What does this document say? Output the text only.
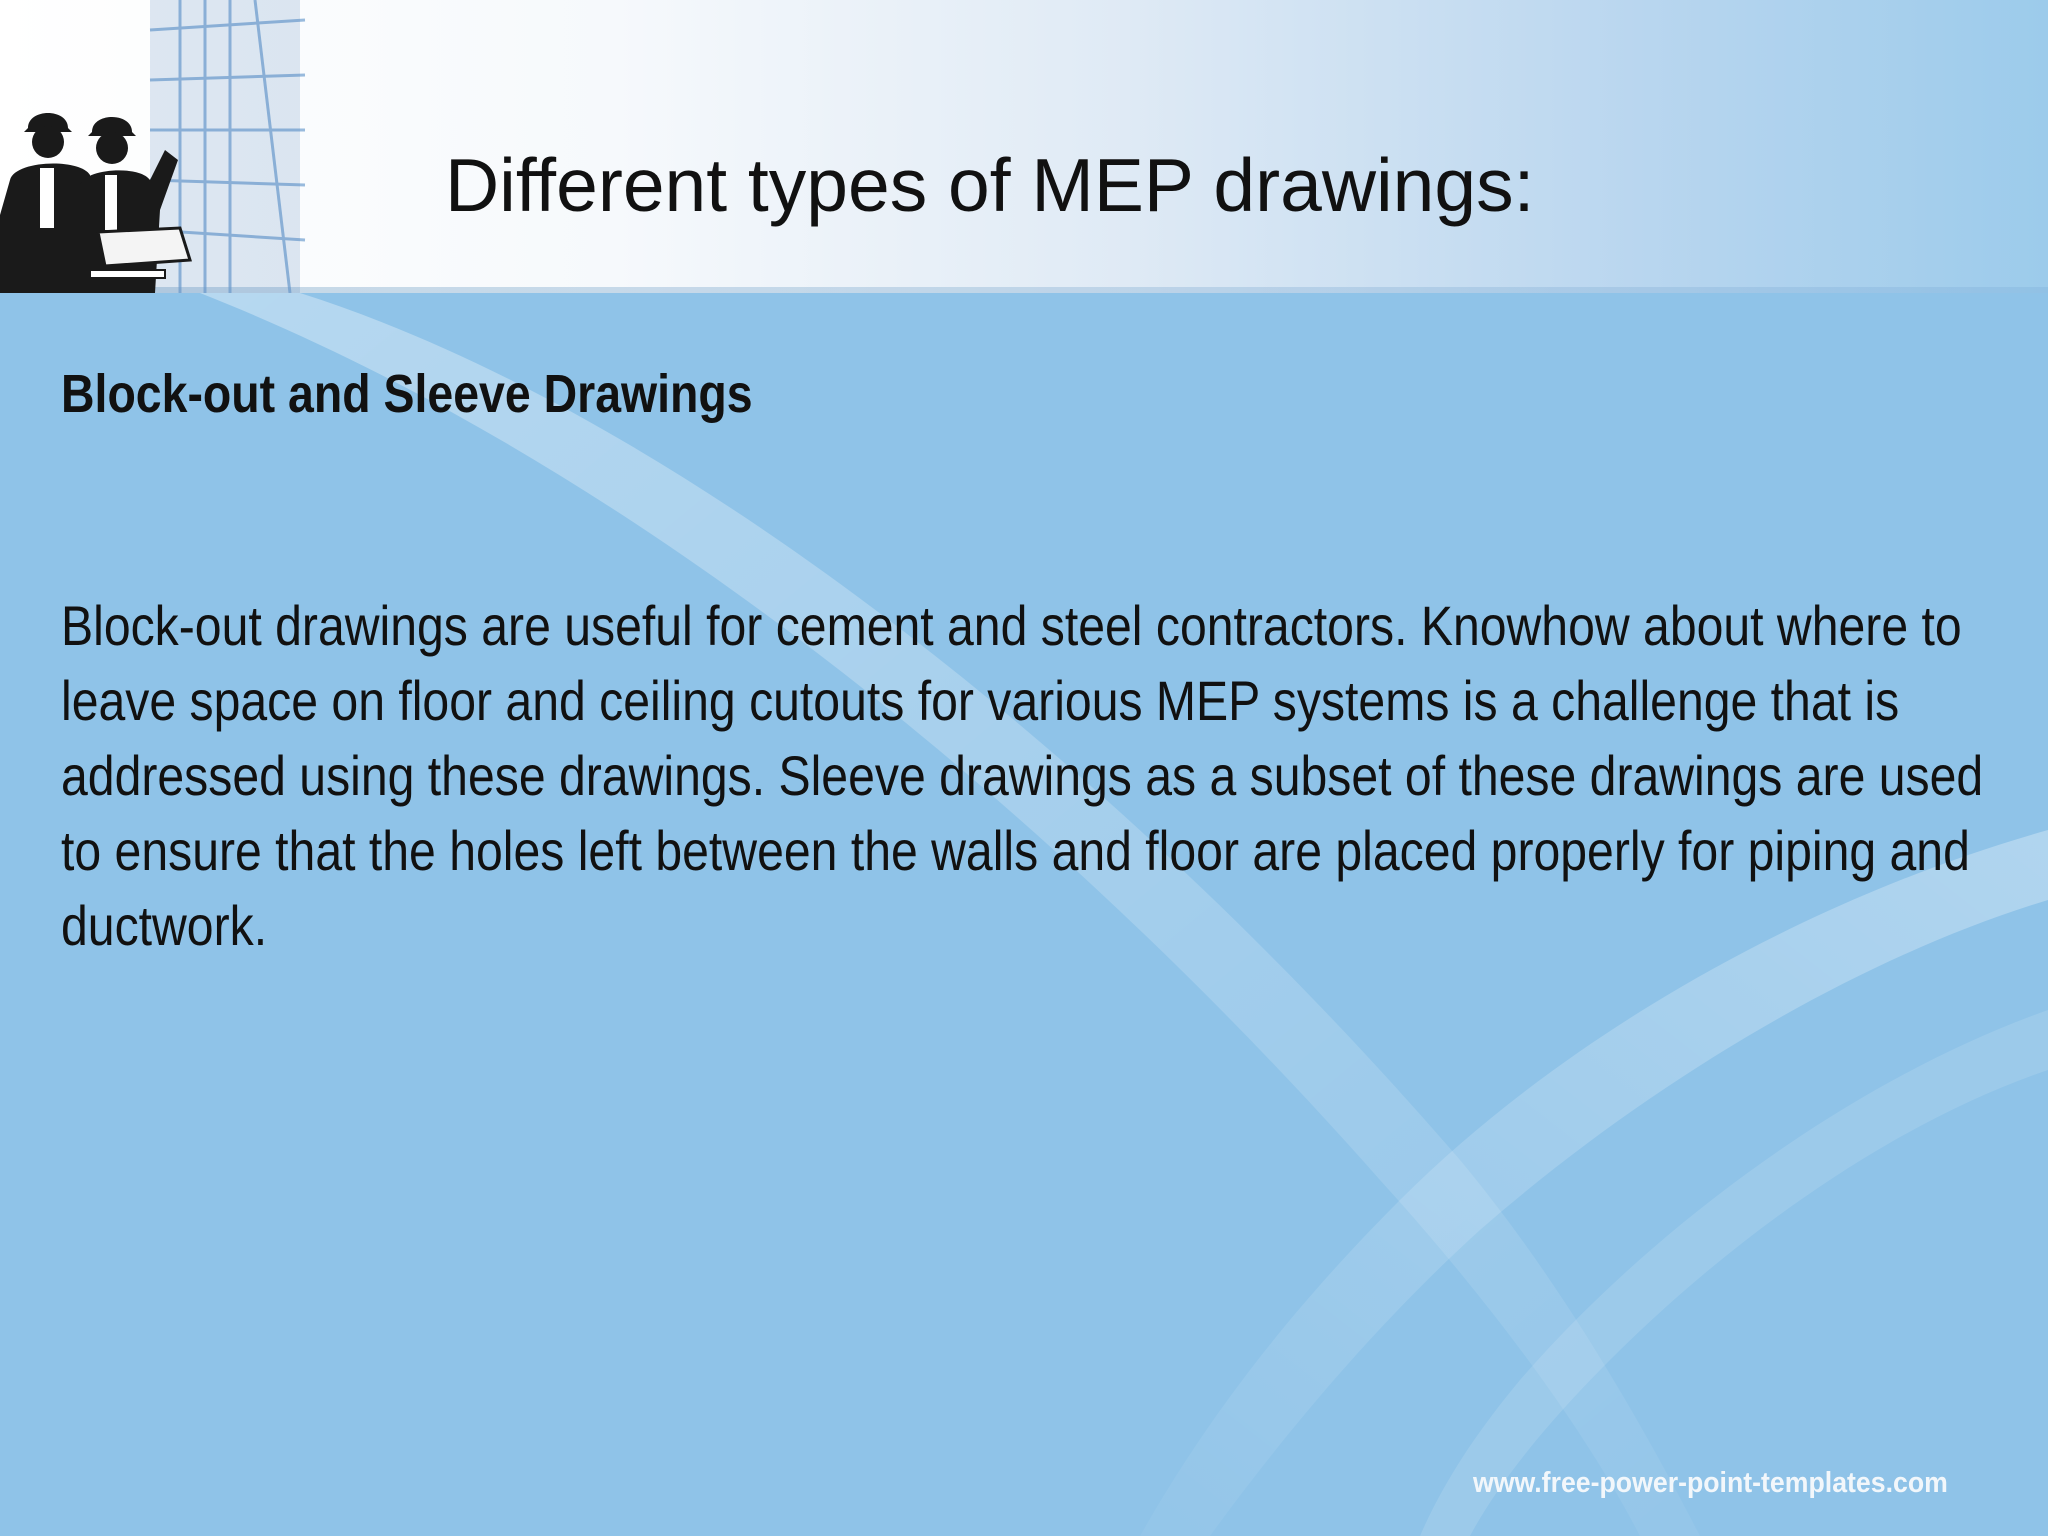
Different types of MEP drawings:
Block-out and Sleeve Drawings

Block-out drawings are useful for cement and steel contractors. Knowhow about where to leave space on floor and ceiling cutouts for various MEP systems is a challenge that is addressed using these drawings. Sleeve drawings as a subset of these drawings are used to ensure that the holes left between the walls and floor are placed properly for piping and ductwork.

www.free-power-point-templates.com
